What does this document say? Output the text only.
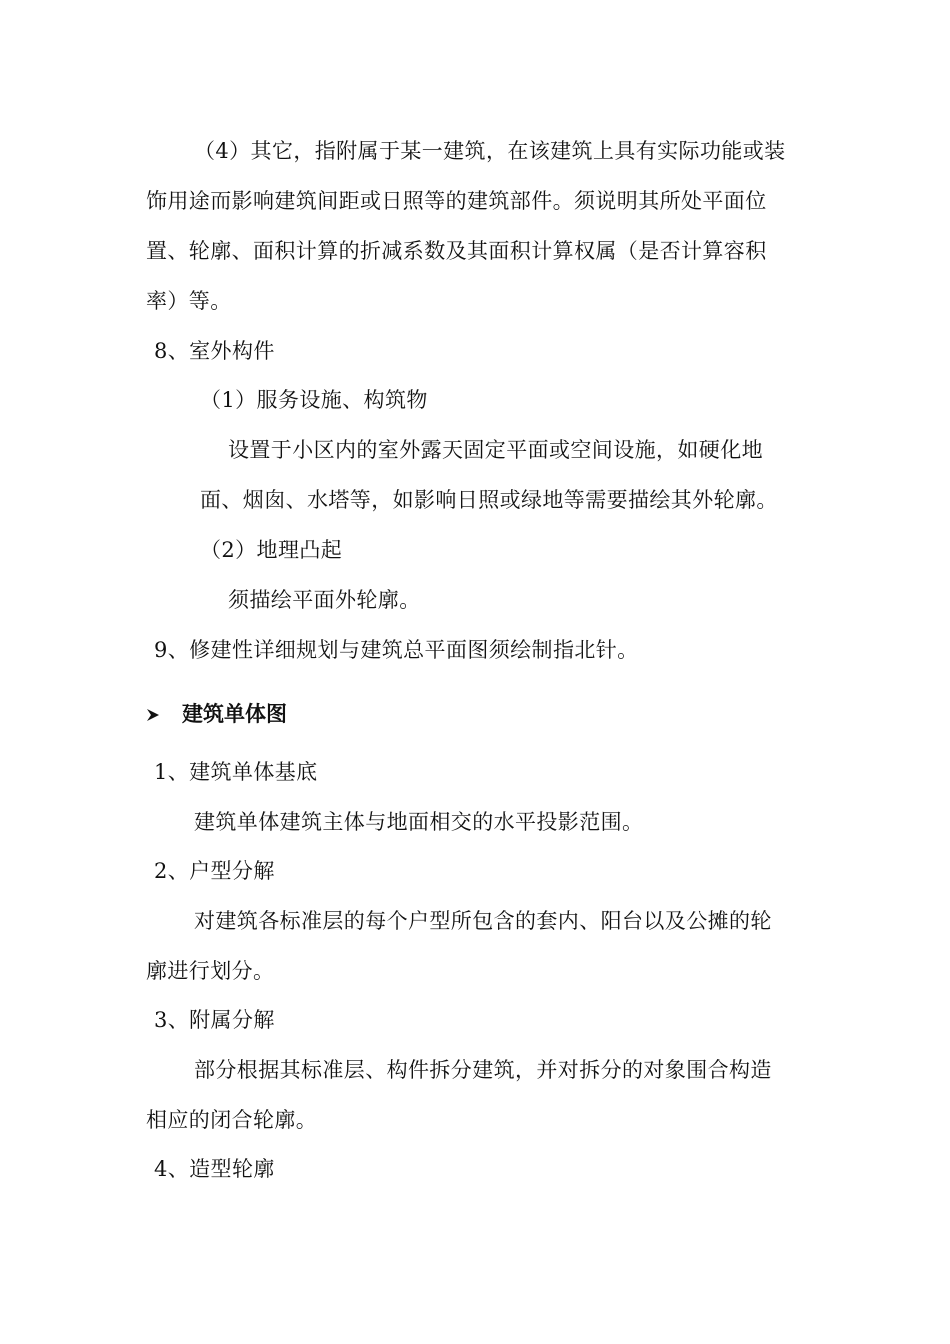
（4）其它，指附属于某一建筑，在该建筑上具有实际功能或装
饰用途而影响建筑间距或日照等的建筑部件。须说明其所处平面位
置、轮廓、面积计算的折减系数及其面积计算权属（是否计算容积
率）等。
8、室外构件
（1）服务设施、构筑物
设置于小区内的室外露天固定平面或空间设施，如硬化地
面、烟囱、水塔等，如影响日照或绿地等需要描绘其外轮廓。
（2）地理凸起
须描绘平面外轮廓。
9、修建性详细规划与建筑总平面图须绘制指北针。
建筑单体图
1、建筑单体基底
建筑单体建筑主体与地面相交的水平投影范围。
2、户型分解
对建筑各标准层的每个户型所包含的套内、阳台以及公摊的轮
廓进行划分。
3、附属分解
部分根据其标准层、构件拆分建筑，并对拆分的对象围合构造
相应的闭合轮廓。
4、造型轮廓
